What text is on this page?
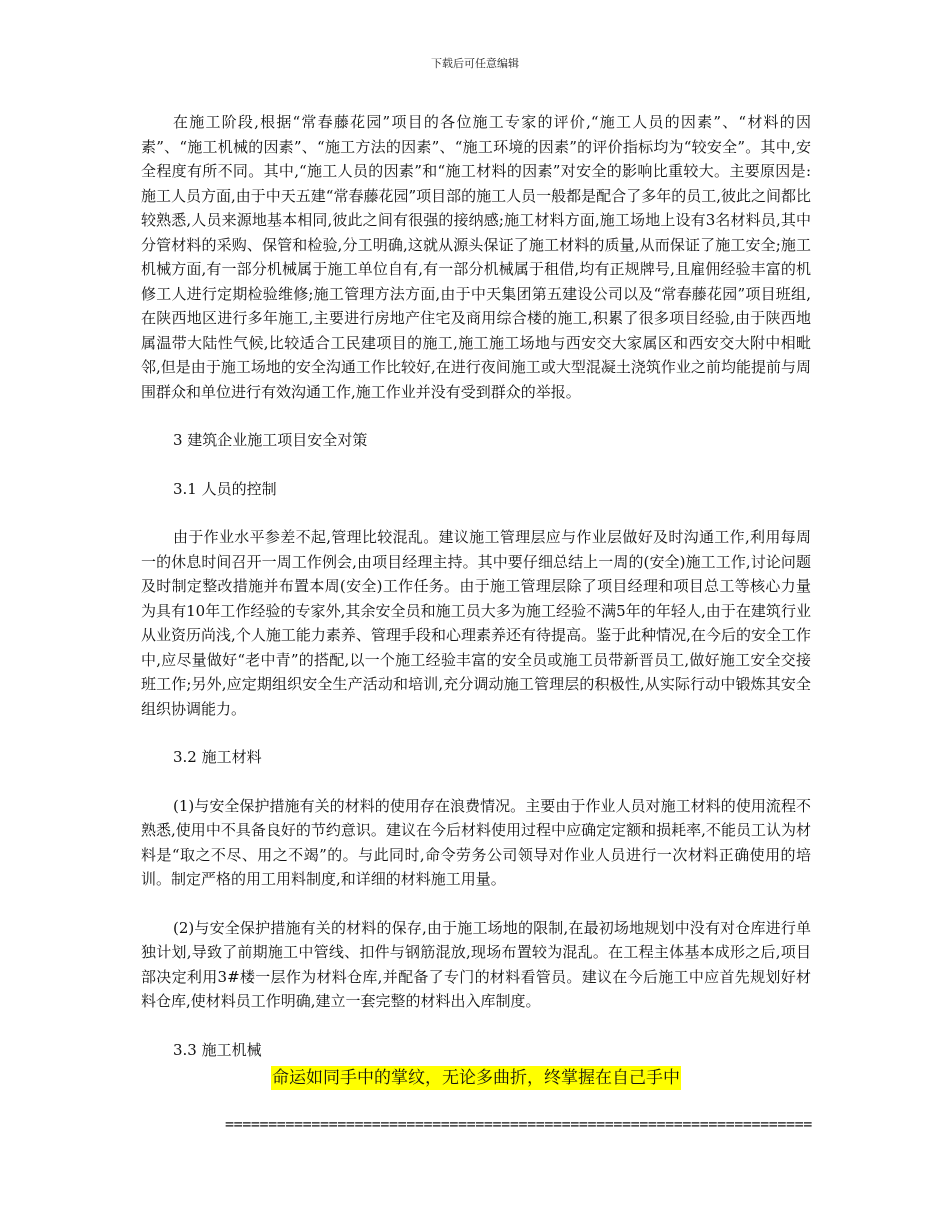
下载后可任意编辑

在施工阶段,根据“常春藤花园”项目的各位施工专家的评价,“施工人员的因素”、“材料的因素”、“施工机械的因素”、“施工方法的因素”、“施工环境的因素”的评价指标均为“较安全”。其中,安全程度有所不同。其中,“施工人员的因素”和“施工材料的因素”对安全的影响比重较大。主要原因是:施工人员方面,由于中天五建“常春藤花园”项目部的施工人员一般都是配合了多年的员工,彼此之间都比较熟悉,人员来源地基本相同,彼此之间有很强的接纳感;施工材料方面,施工场地上设有3名材料员,其中分管材料的采购、保管和检验,分工明确,这就从源头保证了施工材料的质量,从而保证了施工安全;施工机械方面,有一部分机械属于施工单位自有,有一部分机械属于租借,均有正规牌号,且雇佣经验丰富的机修工人进行定期检验维修;施工管理方法方面,由于中天集团第五建设公司以及“常春藤花园”项目班组,在陕西地区进行多年施工,主要进行房地产住宅及商用综合楼的施工,积累了很多项目经验,由于陕西地属温带大陆性气候,比较适合工民建项目的施工,施工施工场地与西安交大家属区和西安交大附中相毗邻,但是由于施工场地的安全沟通工作比较好,在进行夜间施工或大型混凝土浇筑作业之前均能提前与周围群众和单位进行有效沟通工作,施工作业并没有受到群众的举报。

3 建筑企业施工项目安全对策

3.1 人员的控制

由于作业水平参差不起,管理比较混乱。建议施工管理层应与作业层做好及时沟通工作,利用每周一的休息时间召开一周工作例会,由项目经理主持。其中要仔细总结上一周的(安全)施工工作,讨论问题及时制定整改措施并布置本周(安全)工作任务。由于施工管理层除了项目经理和项目总工等核心力量为具有10年工作经验的专家外,其余安全员和施工员大多为施工经验不满5年的年轻人,由于在建筑行业从业资历尚浅,个人施工能力素养、管理手段和心理素养还有待提高。鉴于此种情况,在今后的安全工作中,应尽量做好“老中青”的搭配,以一个施工经验丰富的安全员或施工员带新晋员工,做好施工安全交接班工作;另外,应定期组织安全生产活动和培训,充分调动施工管理层的积极性,从实际行动中锻炼其安全组织协调能力。

3.2 施工材料

(1)与安全保护措施有关的材料的使用存在浪费情况。主要由于作业人员对施工材料的使用流程不熟悉,使用中不具备良好的节约意识。建议在今后材料使用过程中应确定定额和损耗率,不能员工认为材料是“取之不尽、用之不竭”的。与此同时,命令劳务公司领导对作业人员进行一次材料正确使用的培训。制定严格的用工用料制度,和详细的材料施工用量。

(2)与安全保护措施有关的材料的保存,由于施工场地的限制,在最初场地规划中没有对仓库进行单独计划,导致了前期施工中管线、扣件与钢筋混放,现场布置较为混乱。在工程主体基本成形之后,项目部决定利用3#楼一层作为材料仓库,并配备了专门的材料看管员。建议在今后施工中应首先规划好材料仓库,使材料员工作明确,建立一套完整的材料出入库制度。

3.3 施工机械

命运如同手中的掌纹，无论多曲折，终掌握在自己手中

====================================================================
